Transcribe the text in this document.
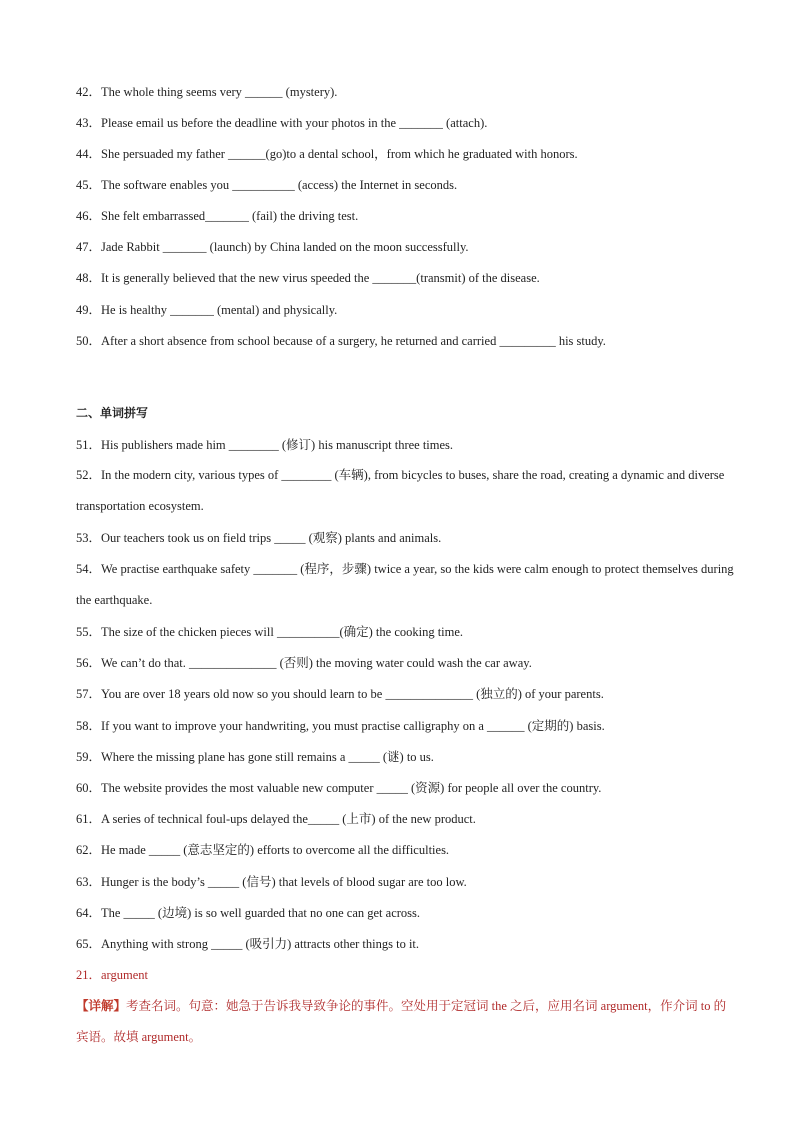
42．The whole thing seems very ______ (mystery).
43．Please email us before the deadline with your photos in the _______ (attach).
44．She persuaded my father ______(go)to a dental school，from which he graduated with honors.
45．The software enables you __________ (access) the Internet in seconds.
46．She felt embarrassed_______ (fail) the driving test.
47．Jade Rabbit _______ (launch) by China landed on the moon successfully.
48．It is generally believed that the new virus speeded the _______(transmit) of the disease.
49．He is healthy _______ (mental) and physically.
50．After a short absence from school because of a surgery, he returned and carried _________ his study.
二、单词拼写
51．His publishers made him ________ (修订) his manuscript three times.
52．In the modern city, various types of ________ (车辆), from bicycles to buses, share the road, creating a dynamic and diverse transportation ecosystem.
53．Our teachers took us on field trips _____ (观察) plants and animals.
54．We practise earthquake safety _______ (程序，步骤) twice a year, so the kids were calm enough to protect themselves during the earthquake.
55．The size of the chicken pieces will __________(确定) the cooking time.
56．We can’t do that. ______________ (否则) the moving water could wash the car away.
57．You are over 18 years old now so you should learn to be ______________ (独立的) of your parents.
58．If you want to improve your handwriting, you must practise calligraphy on a ______ (定期的) basis.
59．Where the missing plane has gone still remains a _____ (谜) to us.
60．The website provides the most valuable new computer _____ (资源) for people all over the country.
61．A series of technical foul-ups delayed the_____ (上市) of the new product.
62．He made _____ (意志坚定的) efforts to overcome all the difficulties.
63．Hunger is the body’s _____ (信号) that levels of blood sugar are too low.
64．The _____ (边境) is so well guarded that no one can get across.
65．Anything with strong _____ (吸引力) attracts other things to it.
21．argument
【详解】考查名词。句意：她急于告诉我导致争论的事件。空处用于定冠词 the 之后，应用名词 argument，作介词 to 的宾语。故填 argument。
